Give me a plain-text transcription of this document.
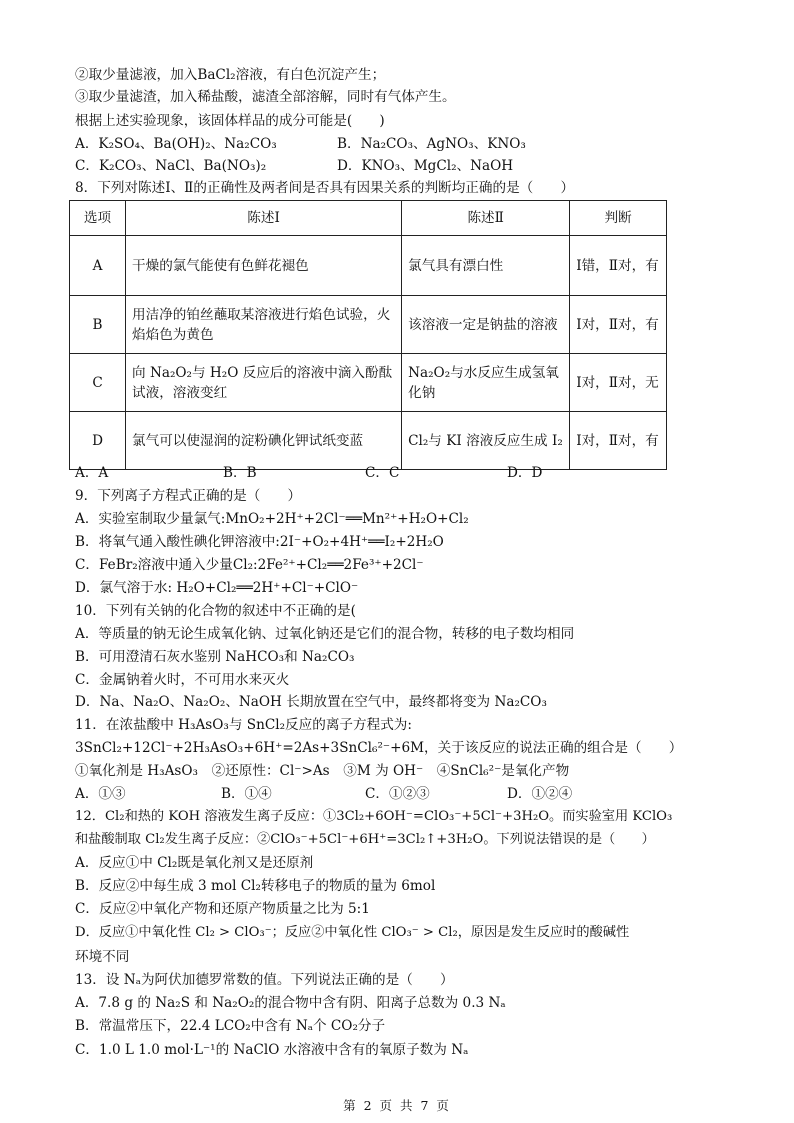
②取少量滤液，加入BaCl₂溶液，有白色沉淀产生；
③取少量滤渣，加入稀盐酸，滤渣全部溶解，同时有气体产生。
根据上述实验现象，该固体样品的成分可能是(　　)
A．K₂SO₄、Ba(OH)₂、Na₂CO₃	B．Na₂CO₃、AgNO₃、KNO₃
C．K₂CO₃、NaCl、Ba(NO₃)₂	D．KNO₃、MgCl₂、NaOH
8．下列对陈述Ⅰ、Ⅱ的正确性及两者间是否具有因果关系的判断均正确的是（　　）
选项	陈述Ⅰ	陈述Ⅱ	判断
A	干燥的氯气能使有色鲜花褪色	氯气具有漂白性	Ⅰ错，Ⅱ对，有
B	用洁净的铂丝蘸取某溶液进行焰色试验，火焰焰色为黄色	该溶液一定是钠盐的溶液	Ⅰ对，Ⅱ对，有
C	向 Na₂O₂与 H₂O 反应后的溶液中滴入酚酞试液，溶液变红	Na₂O₂与水反应生成氢氧化钠	Ⅰ对，Ⅱ对，无
D	氯气可以使湿润的淀粉碘化钾试纸变蓝	Cl₂与 KI 溶液反应生成 I₂	Ⅰ对，Ⅱ对，有
A．A	B．B	C．C	D．D
9．下列离子方程式正确的是（　　）
A．实验室制取少量氯气:MnO₂+2H⁺+2Cl⁻══Mn²⁺+H₂O+Cl₂
B．将氧气通入酸性碘化钾溶液中:2I⁻+O₂+4H⁺══I₂+2H₂O
C．FeBr₂溶液中通入少量Cl₂:2Fe²⁺+Cl₂══2Fe³⁺+2Cl⁻
D．氯气溶于水: H₂O+Cl₂══2H⁺+Cl⁻+ClO⁻
10．下列有关钠的化合物的叙述中不正确的是(
A．等质量的钠无论生成氧化钠、过氧化钠还是它们的混合物，转移的电子数均相同
B．可用澄清石灰水鉴别 NaHCO₃和 Na₂CO₃
C．金属钠着火时，不可用水来灭火
D．Na、Na₂O、Na₂O₂、NaOH 长期放置在空气中，最终都将变为 Na₂CO₃
11．在浓盐酸中 H₃AsO₃与 SnCl₂反应的离子方程式为:
3SnCl₂+12Cl⁻+2H₃AsO₃+6H⁺=2As+3SnCl₆²⁻+6M，关于该反应的说法正确的组合是（　　）
①氧化剂是 H₃AsO₃　②还原性：Cl⁻>As　③M 为 OH⁻　④SnCl₆²⁻是氧化产物
A．①③	B．①④	C．①②③	D．①②④
12．Cl₂和热的 KOH 溶液发生离子反应：①3Cl₂+6OH⁻=ClO₃⁻+5Cl⁻+3H₂O。而实验室用 KClO₃
和盐酸制取 Cl₂发生离子反应：②ClO₃⁻+5Cl⁻+6H⁺=3Cl₂↑+3H₂O。下列说法错误的是（　　）
A．反应①中 Cl₂既是氧化剂又是还原剂
B．反应②中每生成 3 mol Cl₂转移电子的物质的量为 6mol
C．反应②中氧化产物和还原产物质量之比为 5:1
D．反应①中氧化性 Cl₂ > ClO₃⁻；反应②中氧化性 ClO₃⁻ > Cl₂，原因是发生反应时的酸碱性
环境不同
13．设 Nₐ为阿伏加德罗常数的值。下列说法正确的是（　　）
A．7.8 g 的 Na₂S 和 Na₂O₂的混合物中含有阴、阳离子总数为 0.3 Nₐ
B．常温常压下，22.4 LCO₂中含有 Nₐ个 CO₂分子
C．1.0 L 1.0 mol·L⁻¹的 NaClO 水溶液中含有的氧原子数为 Nₐ
第 2 页 共 7 页
